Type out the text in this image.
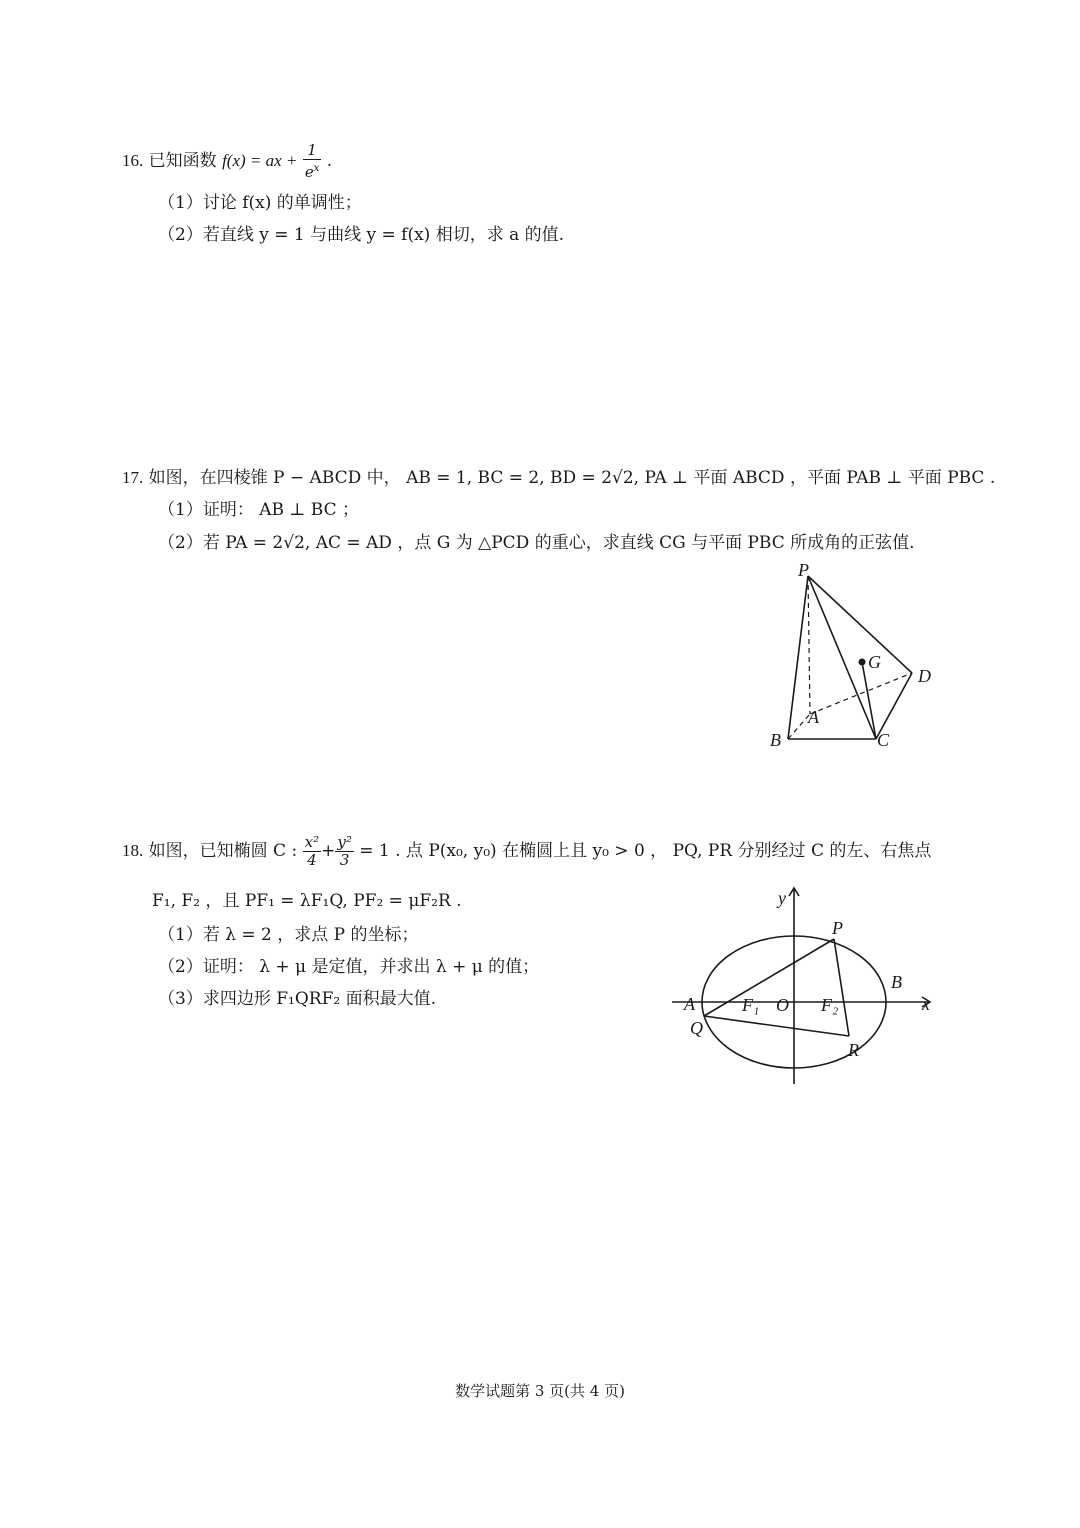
16. 已知函数 f(x) = ax + $\frac{1}{e^x}$ .
（1）讨论 f(x) 的单调性；
（2）若直线 y = 1 与曲线 y = f(x) 相切，求 a 的值.
17. 如图，在四棱锥 P − ABCD 中， AB = 1, BC = 2, BD = 2√2, PA ⊥ 平面 ABCD ，平面 PAB ⊥ 平面 PBC .
（1）证明： AB ⊥ BC ；
（2）若 PA = 2√2, AC = AD ，点 G 为 △PCD 的重心，求直线 CG 与平面 PBC 所成角的正弦值.
P
G
D
A
B	C
18. 如图，已知椭圆 C : $\frac{\text{x²}}{4} + \frac{\text{y²}}{3} = 1$ . 点 P(x₀, y₀) 在椭圆上且 y₀ > 0 ， PQ, PR 分别经过 C 的左、右焦点
F₁, F₂ ，且 PF₁ = λF₁Q, PF₂ = μF₂R .
（1）若 λ = 2 ，求点 P 的坐标；
（2）证明： λ + μ 是定值，并求出 λ + μ 的值；
（3）求四边形 F₁QRF₂ 面积最大值.
y
x
P
B
A	F₁ O F₂
Q
R
数学试题第 3 页(共 4 页)
